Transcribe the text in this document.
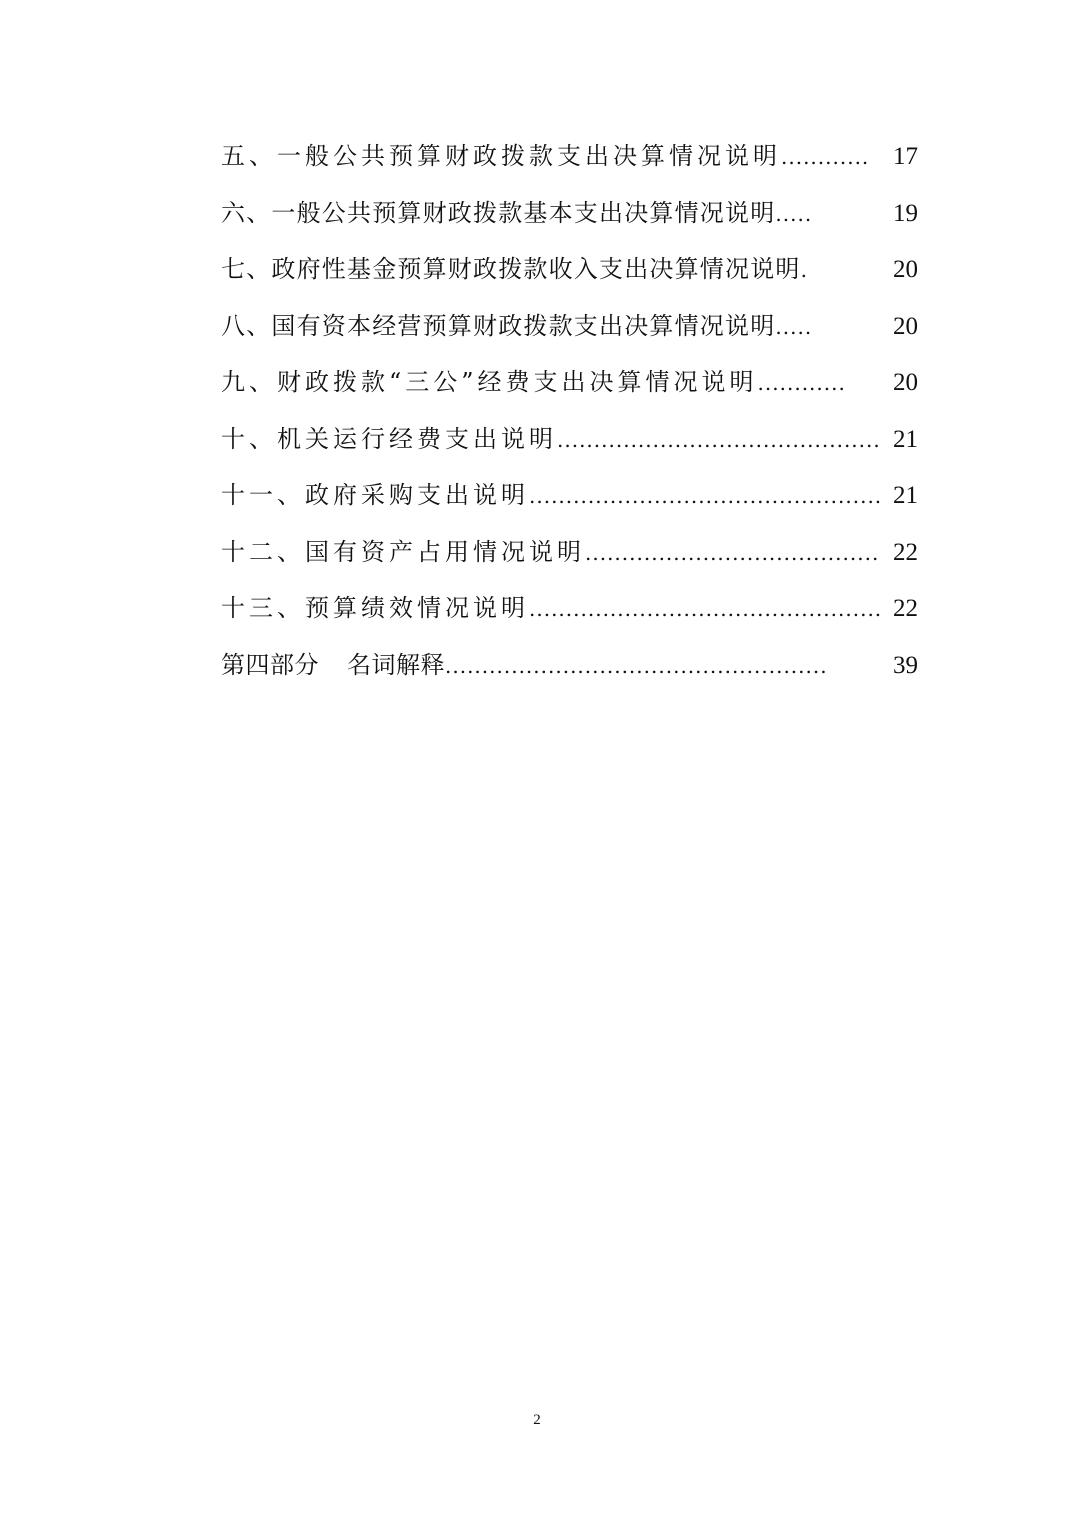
五、一般公共预算财政拨款支出决算情况说明 ............ 17
六、一般公共预算财政拨款基本支出决算情况说明 .....	19
七、政府性基金预算财政拨款收入支出决算情况说明 .	20
八、国有资本经营预算财政拨款支出决算情况说明 .....	20
九、财政拨款“三公”经费支出决算情况说明 ............	20
十、机关运行经费支出说明 ............................................ 21
十一、政府采购支出说明 ................................................ 21
十二、国有资产占用情况说明 ........................................ 22
十三、预算绩效情况说明 ................................................ 22
第四部分 名词解释 ....................................................	39
2
